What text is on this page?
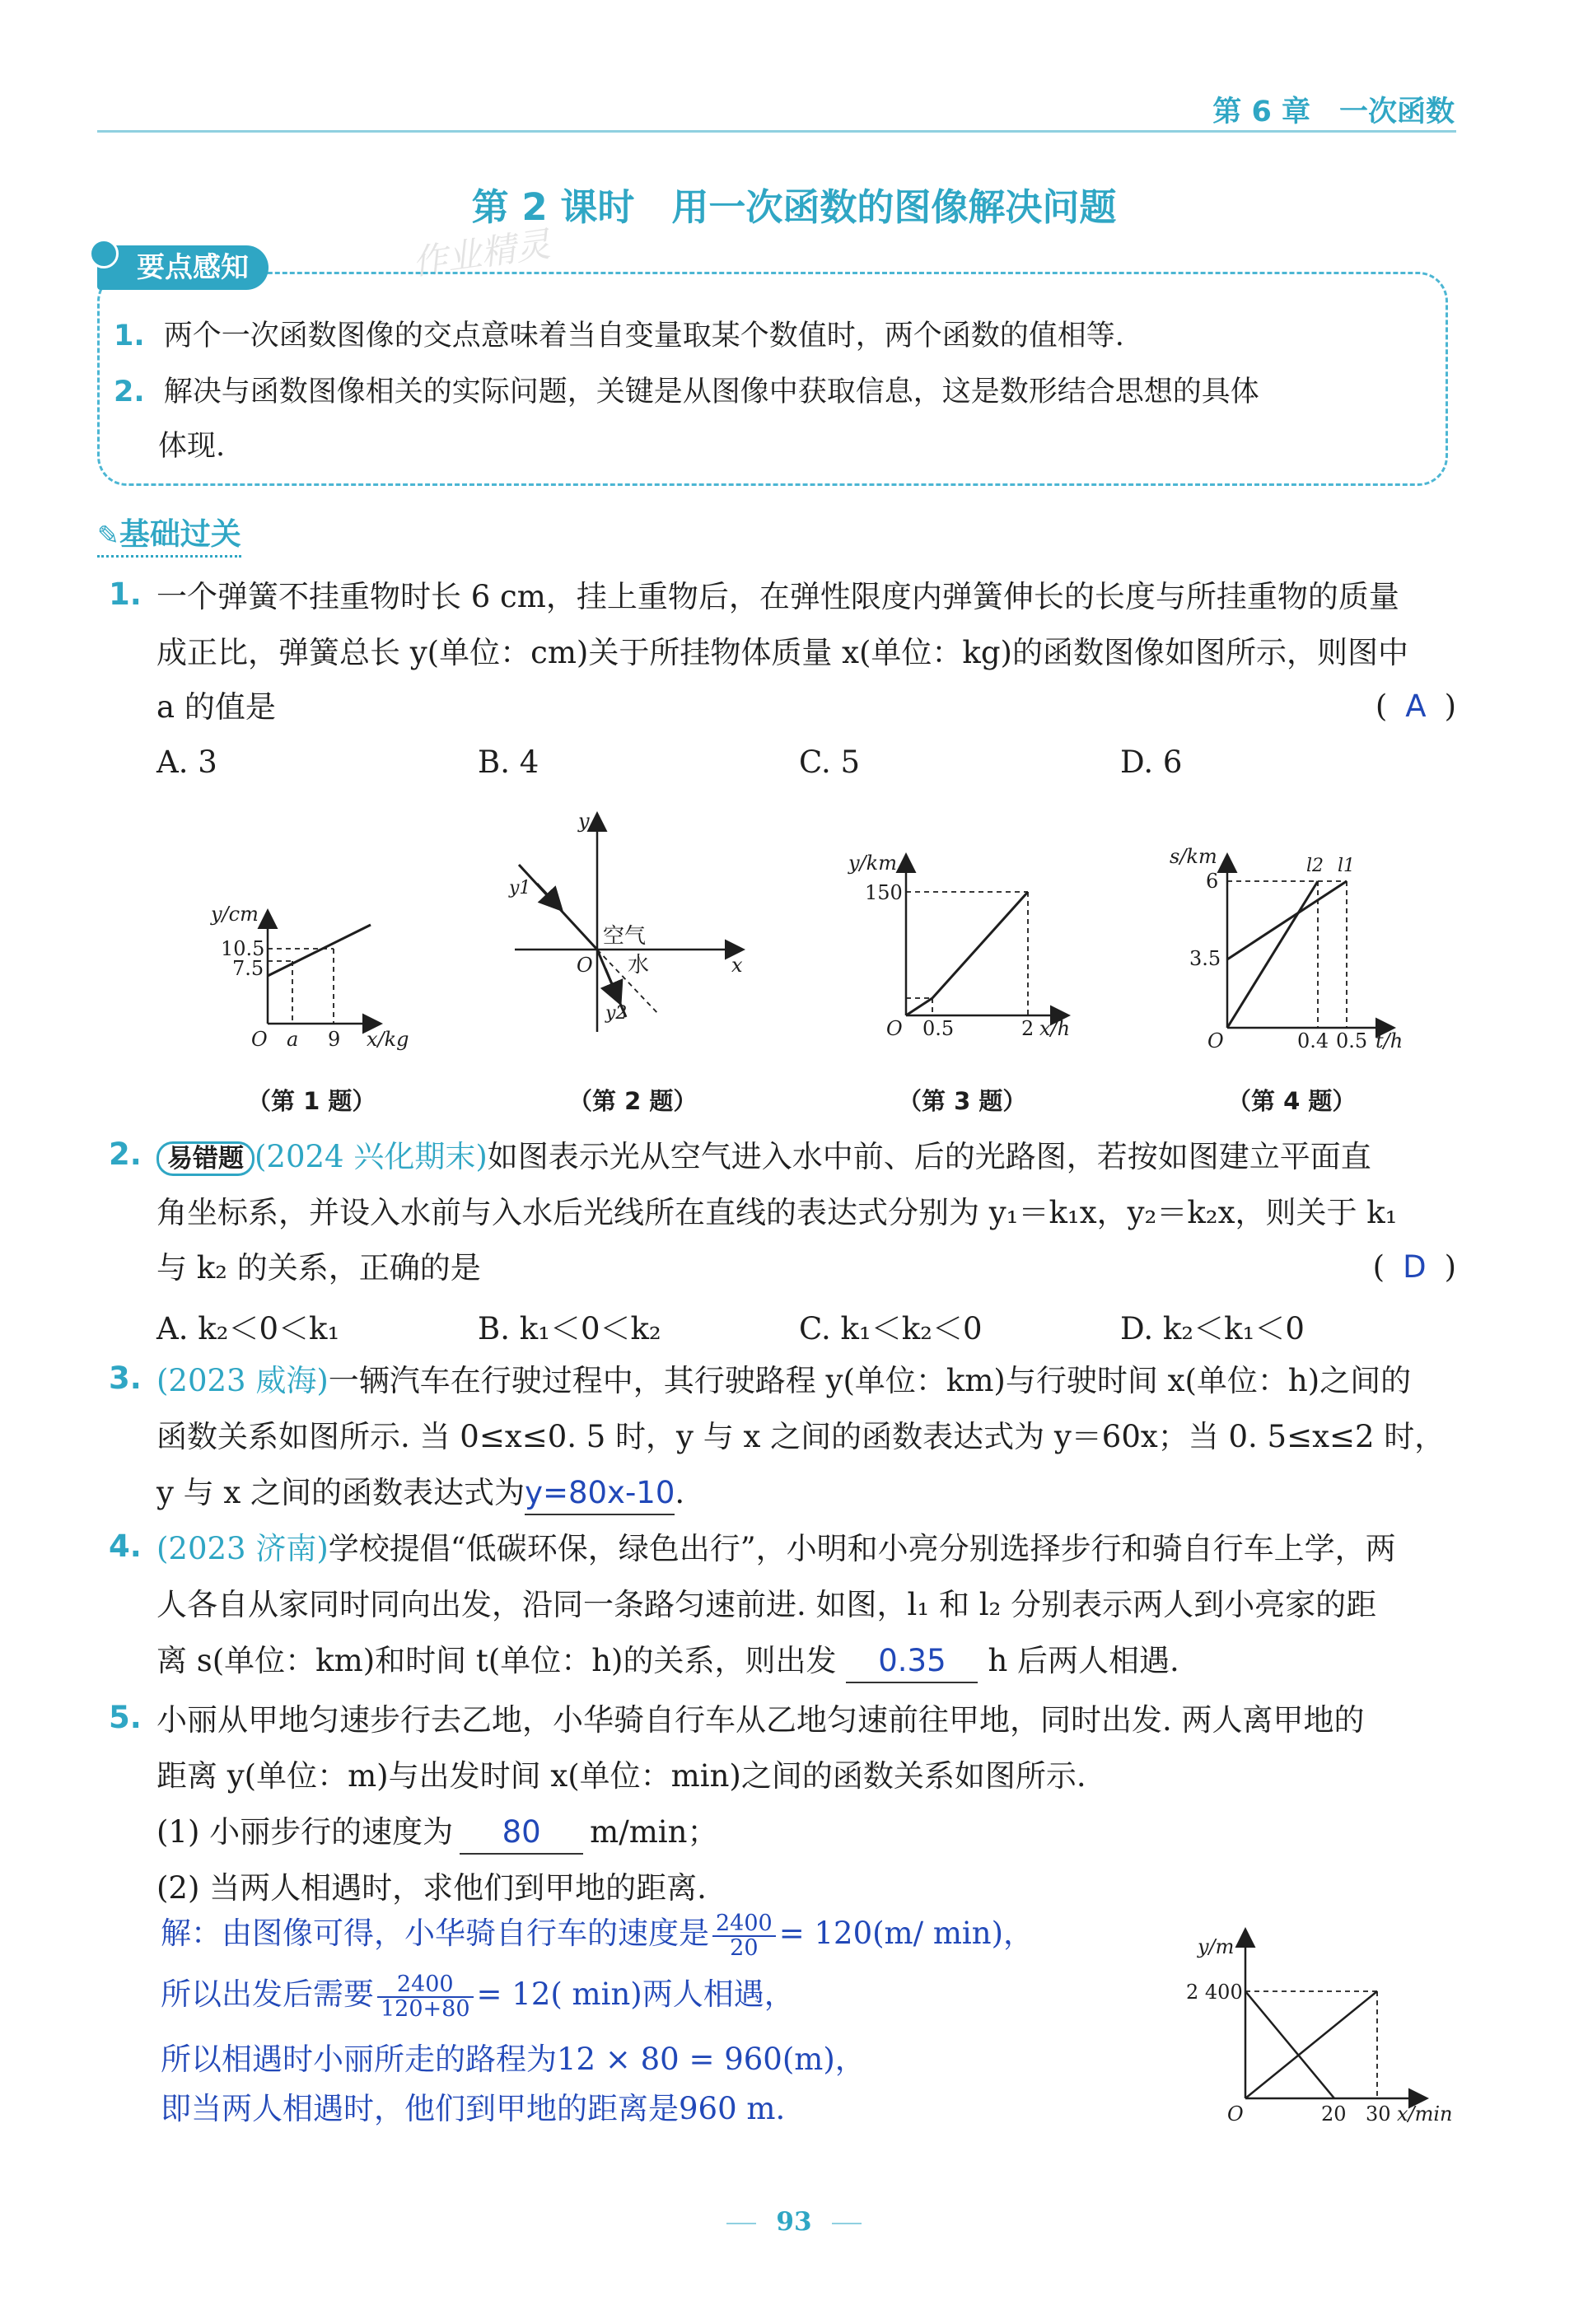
第 6 章　一次函数
第 2 课时　用一次函数的图像解决问题
作业精灵
要点感知
1. 两个一次函数图像的交点意味着当自变量取某个数值时，两个函数的值相等.
2. 解决与函数图像相关的实际问题，关键是从图像中获取信息，这是数形结合思想的具体
体现.
✎基础过关
1. 一个弹簧不挂重物时长 6 cm，挂上重物后，在弹性限度内弹簧伸长的长度与所挂重物的质量
成正比，弹簧总长 y(单位：cm)关于所挂物体质量 x(单位：kg)的函数图像如图所示，则图中
a 的值是	( A )
A. 3	B. 4	C. 5	D. 6
y/cm
10.5
7.5
O a 9 x/kg
y
y1
空气
水
O	x
y2
y/km
150
O 0.5	2 x/h
s/km	l2 l1
6
3.5
O	0.4 0.5 t/h
（第 1 题）	（第 2 题）	（第 3 题）	（第 4 题）
2.	易错题 (2024 兴化期末)如图表示光从空气进入水中前、后的光路图，若按如图建立平面直
角坐标系，并设入水前与入水后光线所在直线的表达式分别为 y₁＝k₁x，y₂＝k₂x，则关于 k₁
与 k₂ 的关系，正确的是	( D )
A. k₂＜0＜k₁	B. k₁＜0＜k₂	C. k₁＜k₂＜0	D. k₂＜k₁＜0
3. (2023 威海)一辆汽车在行驶过程中，其行驶路程 y(单位：km)与行驶时间 x(单位：h)之间的
函数关系如图所示. 当 0≤x≤0. 5 时，y 与 x 之间的函数表达式为 y＝60x；当 0. 5≤x≤2 时，
y 与 x 之间的函数表达式为y=80x-10.
4. (2023 济南)学校提倡“低碳环保，绿色出行”，小明和小亮分别选择步行和骑自行车上学，两
人各自从家同时同向出发，沿同一条路匀速前进. 如图，l₁ 和 l₂ 分别表示两人到小亮家的距
离 s(单位：km)和时间 t(单位：h)的关系，则出发 0.35 h 后两人相遇.
5. 小丽从甲地匀速步行去乙地，小华骑自行车从乙地匀速前往甲地，同时出发. 两人离甲地的
距离 y(单位：m)与出发时间 x(单位：min)之间的函数关系如图所示.
(1) 小丽步行的速度为 80 m/min；
(2) 当两人相遇时，求他们到甲地的距离.
解：由图像可得，小华骑自行车的速度是 $\frac{2400}{20} = 120(m/$ min)，
所以出发后需要 $\frac{2400}{120+80} = 12$( min)两人相遇，
所以相遇时小丽所走的路程为12 × 80 = 960(m)，
即当两人相遇时，他们到甲地的距离是960 m.
y/m
2 400
O	20 30 x/min
93
